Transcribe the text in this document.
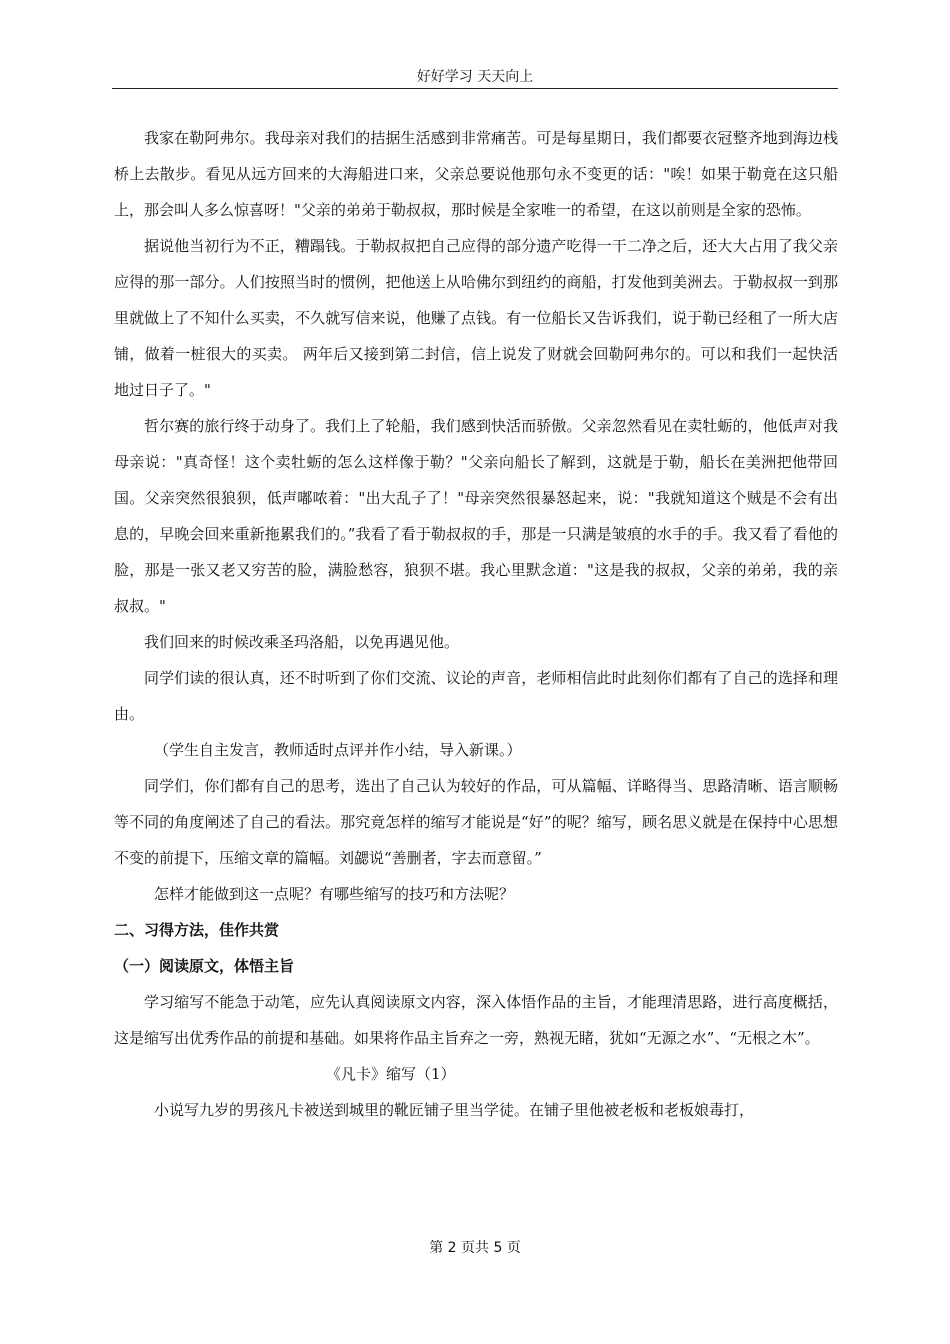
好好学习 天天向上

我家在勒阿弗尔。我母亲对我们的拮据生活感到非常痛苦。可是每星期日，我们都要衣冠整齐地到海边栈桥上去散步。看见从远方回来的大海船进口来，父亲总要说他那句永不变更的话："唉！如果于勒竟在这只船上，那会叫人多么惊喜呀！"父亲的弟弟于勒叔叔，那时候是全家唯一的希望，在这以前则是全家的恐怖。

据说他当初行为不正，糟蹋钱。于勒叔叔把自己应得的部分遗产吃得一干二净之后，还大大占用了我父亲应得的那一部分。人们按照当时的惯例，把他送上从哈佛尔到纽约的商船，打发他到美洲去。于勒叔叔一到那里就做上了不知什么买卖，不久就写信来说，他赚了点钱。有一位船长又告诉我们，说于勒已经租了一所大店铺，做着一桩很大的买卖。 两年后又接到第二封信，信上说发了财就会回勒阿弗尔的。可以和我们一起快活地过日子了。"

哲尔赛的旅行终于动身了。我们上了轮船，我们感到快活而骄傲。父亲忽然看见在卖牡蛎的，他低声对我母亲说："真奇怪！这个卖牡蛎的怎么这样像于勒？"父亲向船长了解到，这就是于勒，船长在美洲把他带回国。父亲突然很狼狈，低声嘟哝着："出大乱子了！"母亲突然很暴怒起来，说："我就知道这个贼是不会有出息的，早晚会回来重新拖累我们的。”我看了看于勒叔叔的手，那是一只满是皱痕的水手的手。我又看了看他的脸，那是一张又老又穷苦的脸，满脸愁容，狼狈不堪。我心里默念道："这是我的叔叔，父亲的弟弟，我的亲叔叔。"

我们回来的时候改乘圣玛洛船，以免再遇见他。

同学们读的很认真，还不时听到了你们交流、议论的声音，老师相信此时此刻你们都有了自己的选择和理由。

（学生自主发言，教师适时点评并作小结，导入新课。）

同学们，你们都有自己的思考，选出了自己认为较好的作品，可从篇幅、详略得当、思路清晰、语言顺畅等不同的角度阐述了自己的看法。那究竟怎样的缩写才能说是“好”的呢？缩写，顾名思义就是在保持中心思想不变的前提下，压缩文章的篇幅。刘勰说“善删者，字去而意留。”

怎样才能做到这一点呢？有哪些缩写的技巧和方法呢？

二、习得方法，佳作共赏
（一）阅读原文，体悟主旨

学习缩写不能急于动笔，应先认真阅读原文内容，深入体悟作品的主旨，才能理清思路，进行高度概括，这是缩写出优秀作品的前提和基础。如果将作品主旨弃之一旁，熟视无睹，犹如“无源之水”、“无根之木”。

《凡卡》缩写（1）

小说写九岁的男孩凡卡被送到城里的靴匠铺子里当学徒。在铺子里他被老板和老板娘毒打，

第 2 页共 5 页
